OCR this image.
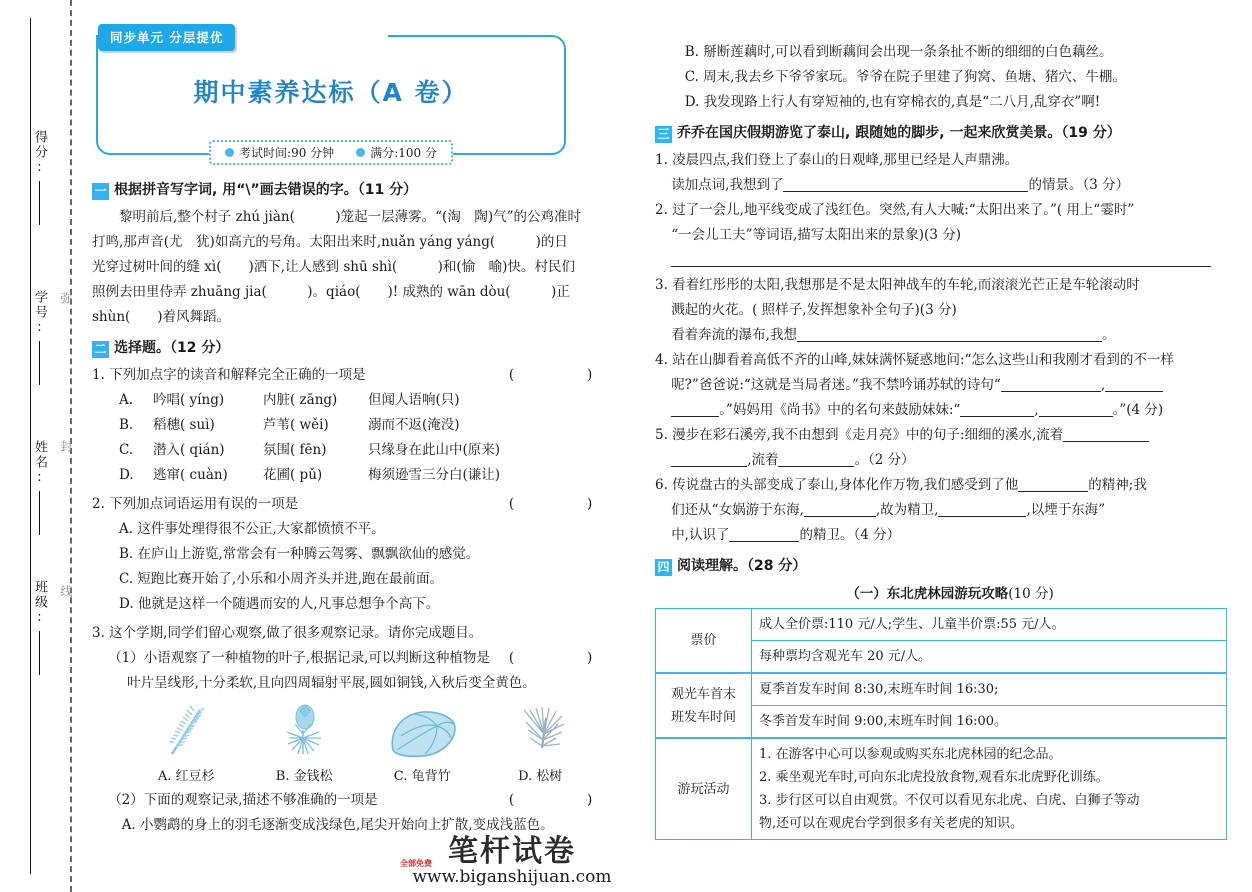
得分:
学号:
姓名:
班级:
弥
封
线
同步单元 分层提优
期中素养达标（A 卷）
考试时间:90 分钟	满分:100 分
一 根据拼音写字词, 用“\”画去错误的字。（11 分）
黎明前后,整个村子 zhú jiàn(　　　)笼起一层薄雾。“(淘　陶)气”的公鸡准时
打鸣,那声音(尤　犹)如高亢的号角。太阳出来时,nuǎn yáng yáng(　　　)的日
光穿过树叶间的缝 xì(　　)洒下,让人感到 shū shì(　　　)和(愉　喻)快。村民们
照例去田里侍弄 zhuāng jia(　　　)。qiáo(　　)! 成熟的 wān dòu(　　　)正
shùn(　　)着风舞蹈。
二 选择题。（12 分）
(　)
1. 下列加点字的读音和解释完全正确的一项是
A.	吟唱( yíng)	内脏( zāng)	但闻人语响(只)
B.	稻穗( suì)	芦苇( wěi)	溺而不返(淹没)
C.	潜入( qián)	氛围( fēn)	只缘身在此山中(原来)
D.	逃窜( cuàn)	花圃( pǔ)	梅须逊雪三分白(谦让)
(　)
2. 下列加点词语运用有误的一项是
A. 这件事处理得很不公正,大家都愤愤不平。
B. 在庐山上游览,常常会有一种腾云驾雾、飘飘欲仙的感觉。
C. 短跑比赛开始了,小乐和小周齐头并进,跑在最前面。
D. 他就是这样一个随遇而安的人,凡事总想争个高下。
3. 这个学期,同学们留心观察,做了很多观察记录。请你完成题目。
(　)
（1）小语观察了一种植物的叶子,根据记录,可以判断这种植物是
叶片呈线形,十分柔软,且向四周辐射平展,圆如铜钱,入秋后变全黄色。
A. 红豆杉	B. 金钱松	C. 龟背竹	D. 松树
(　)
（2）下面的观察记录,描述不够准确的一项是
A. 小鹦鹉的身上的羽毛逐渐变成浅绿色,尾尖开始向上扩散,变成浅蓝色。
B. 掰断莲藕时,可以看到断藕间会出现一条条扯不断的细细的白色藕丝。
C. 周末,我去乡下爷爷家玩。爷爷在院子里建了狗窝、鱼塘、猪穴、牛棚。
D. 我发现路上行人有穿短袖的,也有穿棉衣的,真是“二八月,乱穿衣”啊!
三 乔乔在国庆假期游览了泰山, 跟随她的脚步, 一起来欣赏美景。（19 分）
1. 凌晨四点,我们登上了泰山的日观峰,那里已经是人声鼎沸。
读加点词,我想到了	的情景。（3 分）
2. 过了一会儿,地平线变成了浅红色。突然,有人大喊:“太阳出来了。”( 用上“霎时”
“一会儿工夫”等词语,描写太阳出来的景象)(3 分)
3. 看着红彤彤的太阳,我想那是不是太阳神战车的车轮,而滚滚光芒正是车轮滚动时
溅起的火花。( 照样子,发挥想象补全句子)(3 分)
看着奔流的瀑布,我想	。
4. 站在山脚看着高低不齐的山峰,妹妹满怀疑惑地问:“怎么这些山和我刚才看到的不一样
呢?”爸爸说:“这就是当局者迷。”我不禁吟诵苏轼的诗句“	,
。”妈妈用《尚书》中的名句来鼓励妹妹:“	,	。”(4 分)
5. 漫步在彩石溪旁,我不由想到《走月亮》中的句子:细细的溪水,流着
,流着	。（2 分）
6. 传说盘古的头部变成了泰山,身体化作万物,我们感受到了他	的精神;我
们还从“女娲游于东海,	,故为精卫,	,以堙于东海”
中,认识了	的精卫。（4 分）
四 阅读理解。（28 分）
（一）东北虎林园游玩攻略(10 分)
票价	成人全价票:110 元/人;学生、儿童半价票:55 元/人。
	每种票均含观光车 20 元/人。

观光车首末
班发车时间	夏季首发车时间 8:30,末班车时间 16:30;
	冬季首发车时间 9:00,末班车时间 16:00。
游玩活动	1. 在游客中心可以参观或购买东北虎林园的纪念品。
2. 乘坐观光车时,可向东北虎投放食物,观看东北虎野化训练。
3. 步行区可以自由观赏。不仅可以看见东北虎、白虎、白狮子等动
物,还可以在观虎台学到很多有关老虎的知识。
笔杆试卷
全部免费
www.biganshijuan.com
